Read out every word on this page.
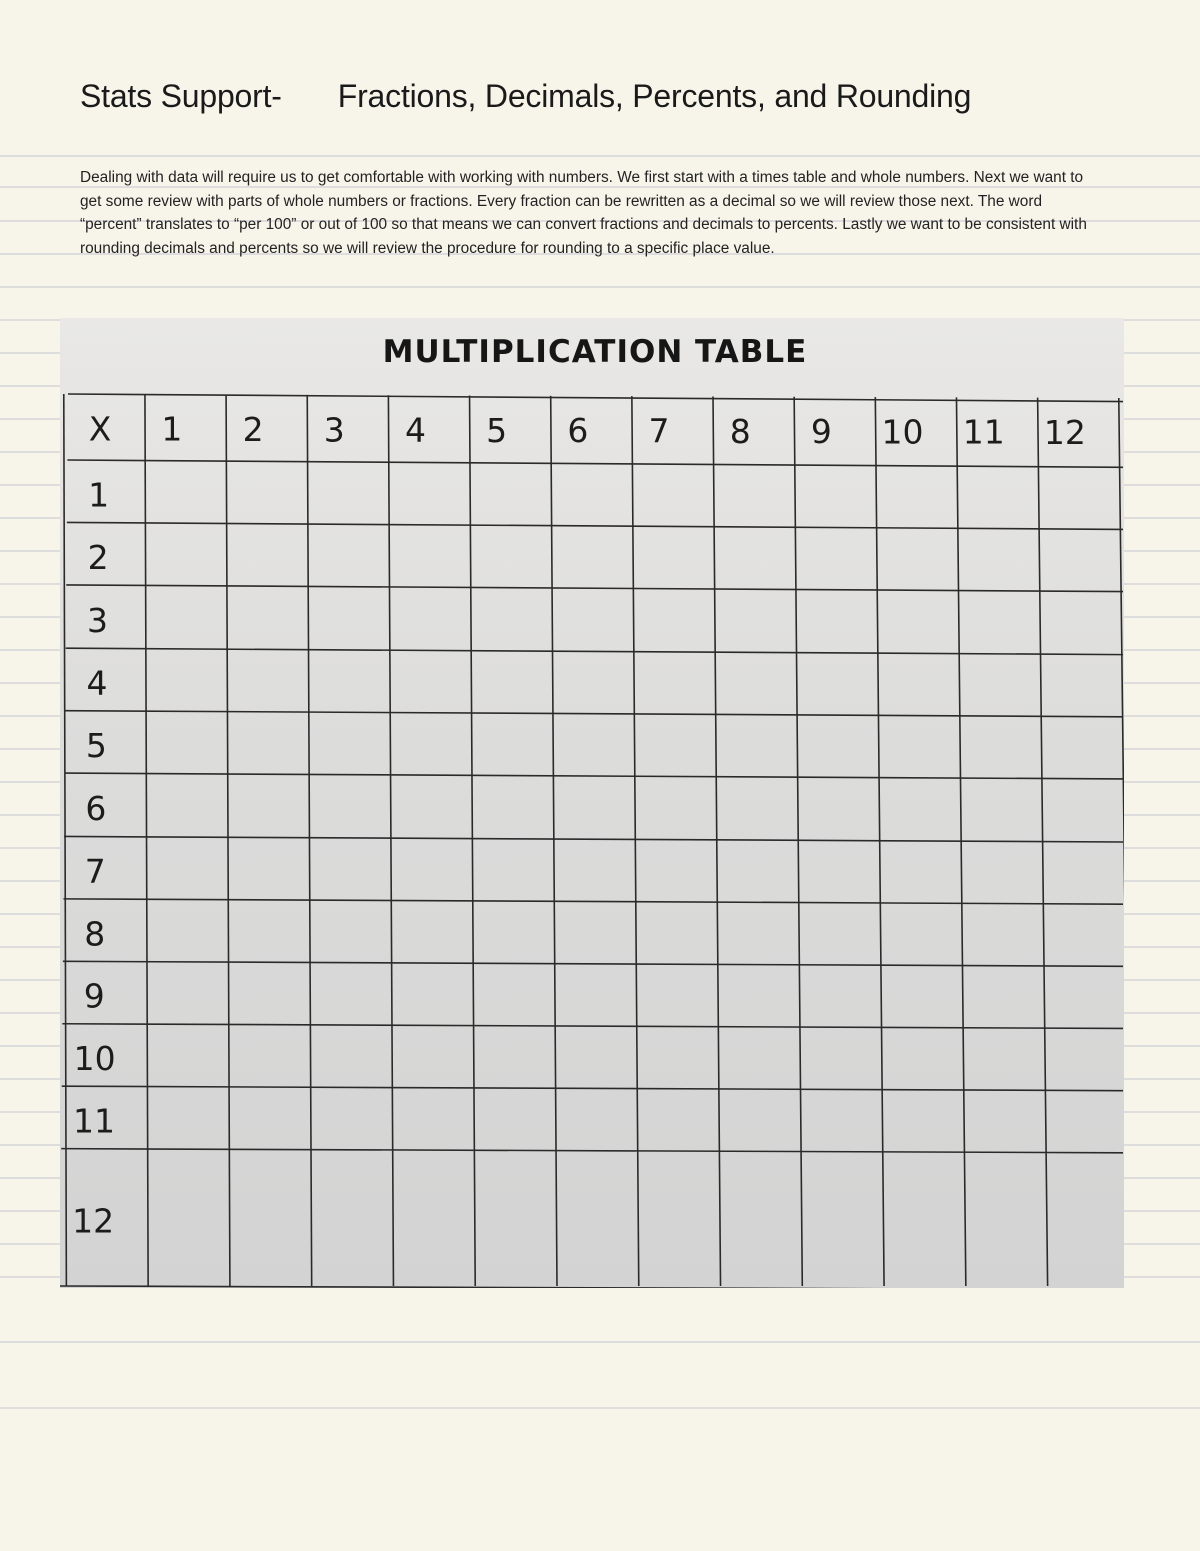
Stats Support- Fractions, Decimals, Percents, and Rounding

Dealing with data will require us to get comfortable with working with numbers. We first start with a times table and whole numbers. Next we want to get some review with parts of whole numbers or fractions. Every fraction can be rewritten as a decimal so we will review those next. The word “percent” translates to “per 100” or out of 100 so that means we can convert fractions and decimals to percents. Lastly we want to be consistent with rounding decimals and percents so we will review the procedure for rounding to a specific place value.

MULTIPLICATION TABLE
X 1 2 3 4 5 6 7 8 9 10 11 12
1
2
3
4
5
6
7
8
9
10
11
12
